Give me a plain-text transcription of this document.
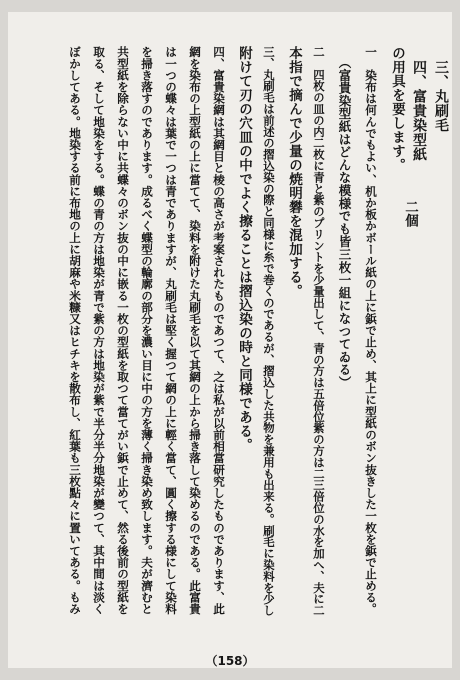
三、丸刷毛
四、富貴染型紙
二個
の用具を要します。
一　染布は何んでもよい、机か板かボール紙の上に鋲で止め、其上に型紙のボン抜きした一枚を鋲で止める。
（富貴染型紙はどんな模様でも皆三枚一組になつてゐる）
二　四枚の皿の内二枚に青と紫のプリントを少量出して、青の方は五倍位紫の方は二三倍位の水を加へ、夫に二
本指で摘んで少量の焼明礬を混加する。
三、丸刷毛は前述の摺込染の際と同様に糸で巻くのであるが、摺込した共物を兼用も出来る。刷毛に染料を少し
附けて刃の穴皿の中でよく擦ることは摺込染の時と同様である。
四、富貴染網は其網目と棱の高さが考案されたものであつて、之は私が以前相當研究したものであります、此
網を染布の上型紙の上に當てて、染料を附けた丸刷毛を以て其網の上から掃き落して染めるのである。此富貴
は一つの蝶々は葉で一つは青でありますが、丸刷毛は堅く握つて網の上に輕く當て、圓く擦する様にして染料
を掃き落すのであります。成るべく蝶型の輪廓の部分を濃い目に中の方を薄く掃き染め致します。夫が濟むと
共型紙を除らない中に共蝶々のボン抜の中に嵌る一枚の型紙を取つて當てがい鋲で止めて、然る後前の型紙を
取る、そして地染をする。蝶の青の方は地染が青で紫の方は地染が紫で半分半分地染が變つて、其中間は淡く
ぼかしてある。地染する前に布地の上に胡麻や米糠又はヒチキを散布し、紅葉も三枚點々に置いてある。もみ
（158）
